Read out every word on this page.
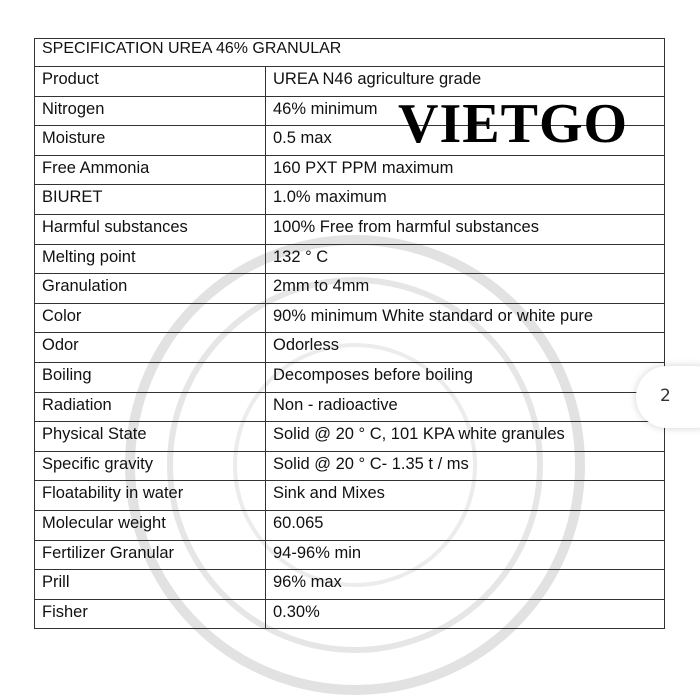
SPECIFICATION UREA 46% GRANULAR	
Product	UREA N46 agriculture grade
Nitrogen	46% minimum
Moisture	0.5 max
Free Ammonia	160 PXT PPM maximum
BIURET	1.0% maximum
Harmful substances	100% Free from harmful substances
Melting point	132 ° C
Granulation	2mm to 4mm
Color	90% minimum White standard or white pure
Odor	Odorless
Boiling	Decomposes before boiling
Radiation	Non - radioactive
Physical State	Solid @ 20 ° C, 101 KPA white granules
Specific gravity	Solid @ 20 ° C- 1.35 t / ms
Floatability in water	Sink and Mixes
Molecular weight	60.065
Fertilizer Granular	94-96% min
Prill	96% max
Fisher	0.30%
VIETGO
2
